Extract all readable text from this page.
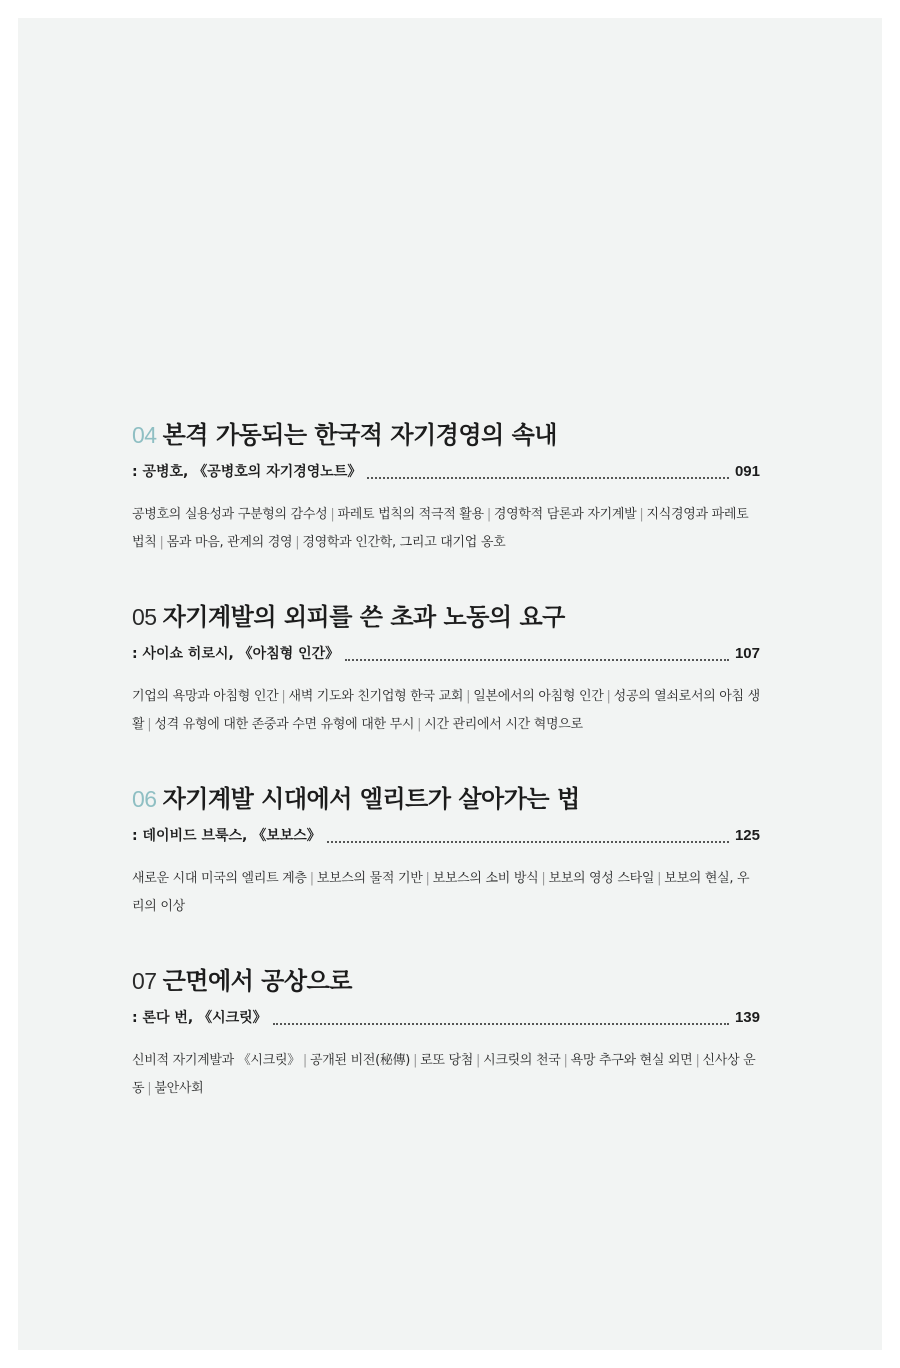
04 본격 가동되는 한국적 자기경영의 속내
: 공병호, 《공병호의 자기경영노트》	091
공병호의 실용성과 구분형의 감수성 | 파레토 법칙의 적극적 활용 | 경영학적 담론과 자기계발 | 지식경영과 파레토 법칙 | 몸과 마음, 관계의 경영 | 경영학과 인간학, 그리고 대기업 옹호
05 자기계발의 외피를 쓴 초과 노동의 요구
: 사이쇼 히로시, 《아침형 인간》	107
기업의 욕망과 아침형 인간 | 새벽 기도와 친기업형 한국 교회 | 일본에서의 아침형 인간 | 성공의 열쇠로서의 아침 생활 | 성격 유형에 대한 존중과 수면 유형에 대한 무시 | 시간 관리에서 시간 혁명으로
06 자기계발 시대에서 엘리트가 살아가는 법
: 데이비드 브룩스, 《보보스》	125
새로운 시대 미국의 엘리트 계층 | 보보스의 물적 기반 | 보보스의 소비 방식 | 보보의 영성 스타일 | 보보의 현실, 우리의 이상
07 근면에서 공상으로
: 론다 번, 《시크릿》	139
신비적 자기계발과 《시크릿》 | 공개된 비전(秘傳) | 로또 당첨 | 시크릿의 천국 | 욕망 추구와 현실 외면 | 신사상 운동 | 불안사회
